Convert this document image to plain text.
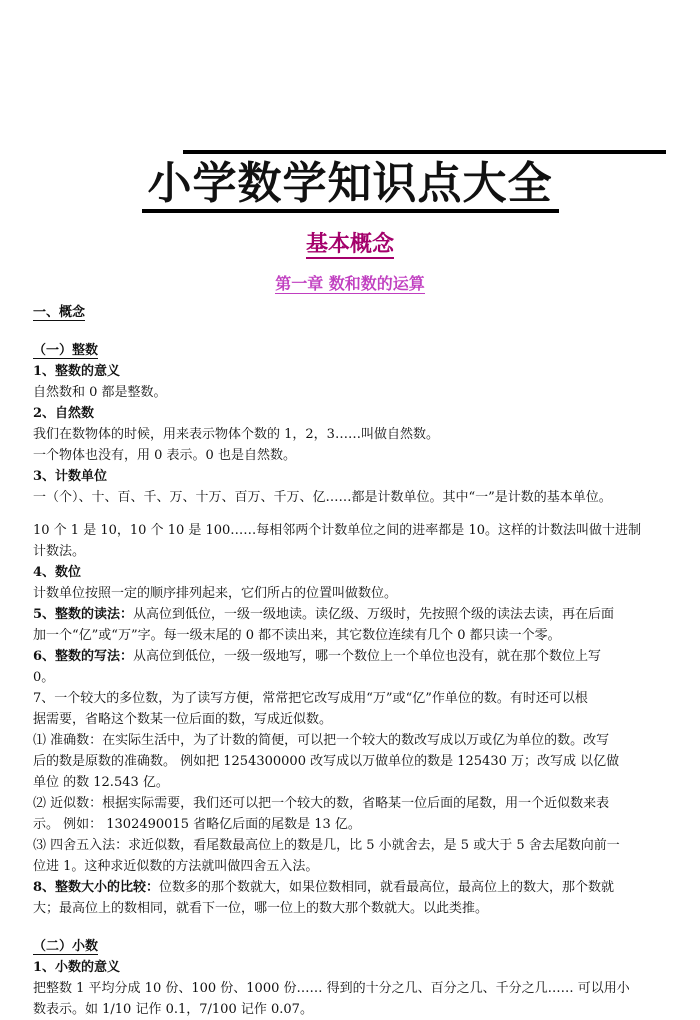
小学数学知识点大全
基本概念
第一章 数和数的运算
一、概念
（一）整数
1、整数的意义
自然数和 0 都是整数。
2、自然数
我们在数物体的时候，用来表示物体个数的 1，2，3……叫做自然数。
一个物体也没有，用 0 表示。0 也是自然数。
3、计数单位
一（个）、十、百、千、万、十万、百万、千万、亿……都是计数单位。其中“一”是计数的基本单位。
10 个 1 是 10，10 个 10 是 100……每相邻两个计数单位之间的进率都是 10。这样的计数法叫做十进制
计数法。
4、数位
计数单位按照一定的顺序排列起来，它们所占的位置叫做数位。
5、整数的读法：从高位到低位，一级一级地读。读亿级、万级时，先按照个级的读法去读，再在后面
加一个“亿”或“万”字。每一级末尾的 0 都不读出来，其它数位连续有几个 0 都只读一个零。
6、整数的写法：从高位到低位，一级一级地写，哪一个数位上一个单位也没有，就在那个数位上写
0。
7、一个较大的多位数，为了读写方便，常常把它改写成用“万”或“亿”作单位的数。有时还可以根
据需要，省略这个数某一位后面的数，写成近似数。
⑴ 准确数：在实际生活中，为了计数的简便，可以把一个较大的数改写成以万或亿为单位的数。改写
后的数是原数的准确数。 例如把 1254300000 改写成以万做单位的数是 125430 万；改写成 以亿做
单位 的数 12.543 亿。
⑵ 近似数：根据实际需要，我们还可以把一个较大的数，省略某一位后面的尾数，用一个近似数来表
示。 例如： 1302490015 省略亿后面的尾数是 13 亿。
⑶ 四舍五入法：求近似数，看尾数最高位上的数是几，比 5 小就舍去，是 5 或大于 5 舍去尾数向前一
位进 1。这种求近似数的方法就叫做四舍五入法。
8、整数大小的比较：位数多的那个数就大，如果位数相同，就看最高位，最高位上的数大，那个数就
大；最高位上的数相同，就看下一位，哪一位上的数大那个数就大。以此类推。
（二）小数
1、小数的意义
把整数 1 平均分成 10 份、100 份、1000 份…… 得到的十分之几、百分之几、千分之几…… 可以用小
数表示。如 1/10 记作 0.1，7/100 记作 0.07。
